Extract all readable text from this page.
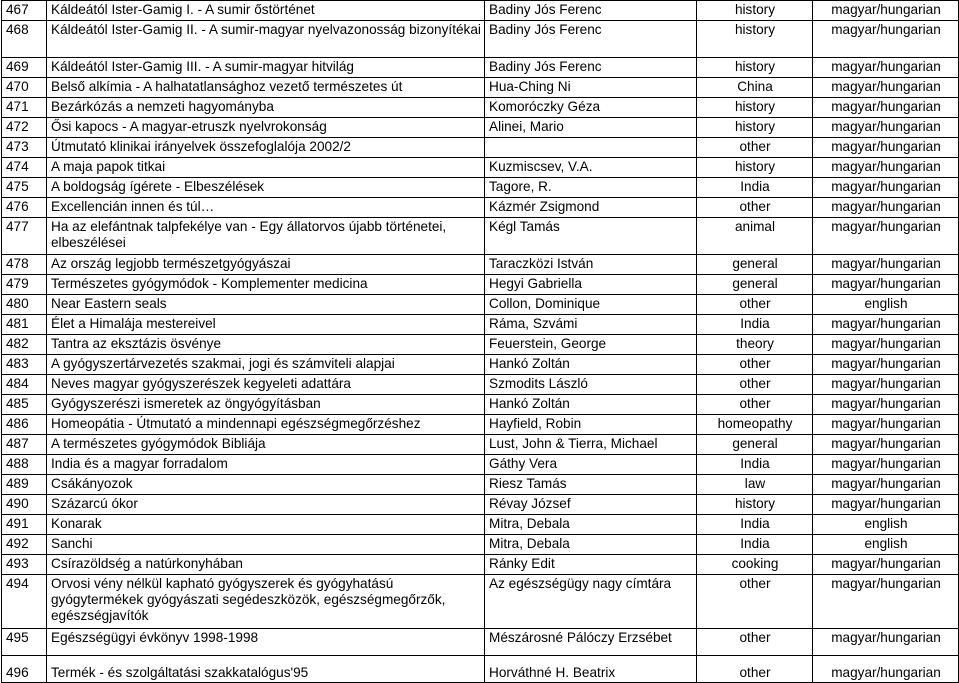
467	Káldeától Ister-Gamig I. - A sumir őstörténet	Badiny Jós Ferenc	history	magyar/hungarian
468	Káldeától Ister-Gamig II. - A sumir-magyar nyelvazonosság bizonyítékai	Badiny Jós Ferenc	history	magyar/hungarian
469	Káldeától Ister-Gamig III. - A sumir-magyar hitvilág	Badiny Jós Ferenc	history	magyar/hungarian
470	Belső alkímia - A halhatatlansághoz vezető természetes út	Hua-Ching Ni	China	magyar/hungarian
471	Bezárkózás a nemzeti hagyományba	Komoróczky Géza	history	magyar/hungarian
472	Ősi kapocs - A magyar-etruszk nyelvrokonság	Alinei, Mario	history	magyar/hungarian
473	Útmutató klinikai irányelvek összefoglalója 2002/2		other	magyar/hungarian
474	A maja papok titkai	Kuzmiscsev, V.A.	history	magyar/hungarian
475	A boldogság ígérete - Elbeszélések	Tagore, R.	India	magyar/hungarian
476	Excellencián innen és túl…	Kázmér Zsigmond	other	magyar/hungarian
477	Ha az elefántnak talpfekélye van - Egy állatorvos újabb történetei, elbeszélései	Kégl Tamás	animal	magyar/hungarian
478	Az ország legjobb természetgyógyászai	Taraczközi István	general	magyar/hungarian
479	Természetes gyógymódok - Komplementer medicina	Hegyi Gabriella	general	magyar/hungarian
480	Near Eastern seals	Collon, Dominique	other	english
481	Élet a Himalája mestereivel	Ráma, Szvámi	India	magyar/hungarian
482	Tantra az eksztázis ösvénye	Feuerstein, George	theory	magyar/hungarian
483	A gyógyszertárvezetés szakmai, jogi és számviteli alapjai	Hankó Zoltán	other	magyar/hungarian
484	Neves magyar gyógyszerészek kegyeleti adattára	Szmodits László	other	magyar/hungarian
485	Gyógyszerészi ismeretek az öngyógyításban	Hankó Zoltán	other	magyar/hungarian
486	Homeopátia - Útmutató a mindennapi egészségmegőrzéshez	Hayfield, Robin	homeopathy	magyar/hungarian
487	A természetes gyógymódok Bibliája	Lust, John & Tierra, Michael	general	magyar/hungarian
488	India és a magyar forradalom	Gáthy Vera	India	magyar/hungarian
489	Csákányozok	Riesz Tamás	law	magyar/hungarian
490	Százarcú ókor	Révay József	history	magyar/hungarian
491	Konarak	Mitra, Debala	India	english
492	Sanchi	Mitra, Debala	India	english
493	Csírazöldség a natúrkonyhában	Ránky Edit	cooking	magyar/hungarian
494	Orvosi vény nélkül kapható gyógyszerek és gyógyhatású gyógytermékek gyógyászati segédeszközök, egészségmegőrzők, egészségjavítók	Az egészségügy nagy címtára	other	magyar/hungarian
495	Egészségügyi évkönyv 1998-1998	Mészárosné Pálóczy Erzsébet	other	magyar/hungarian
496	Termék - és szolgáltatási szakkatalógus'95	Horváthné H. Beatrix	other	magyar/hungarian
